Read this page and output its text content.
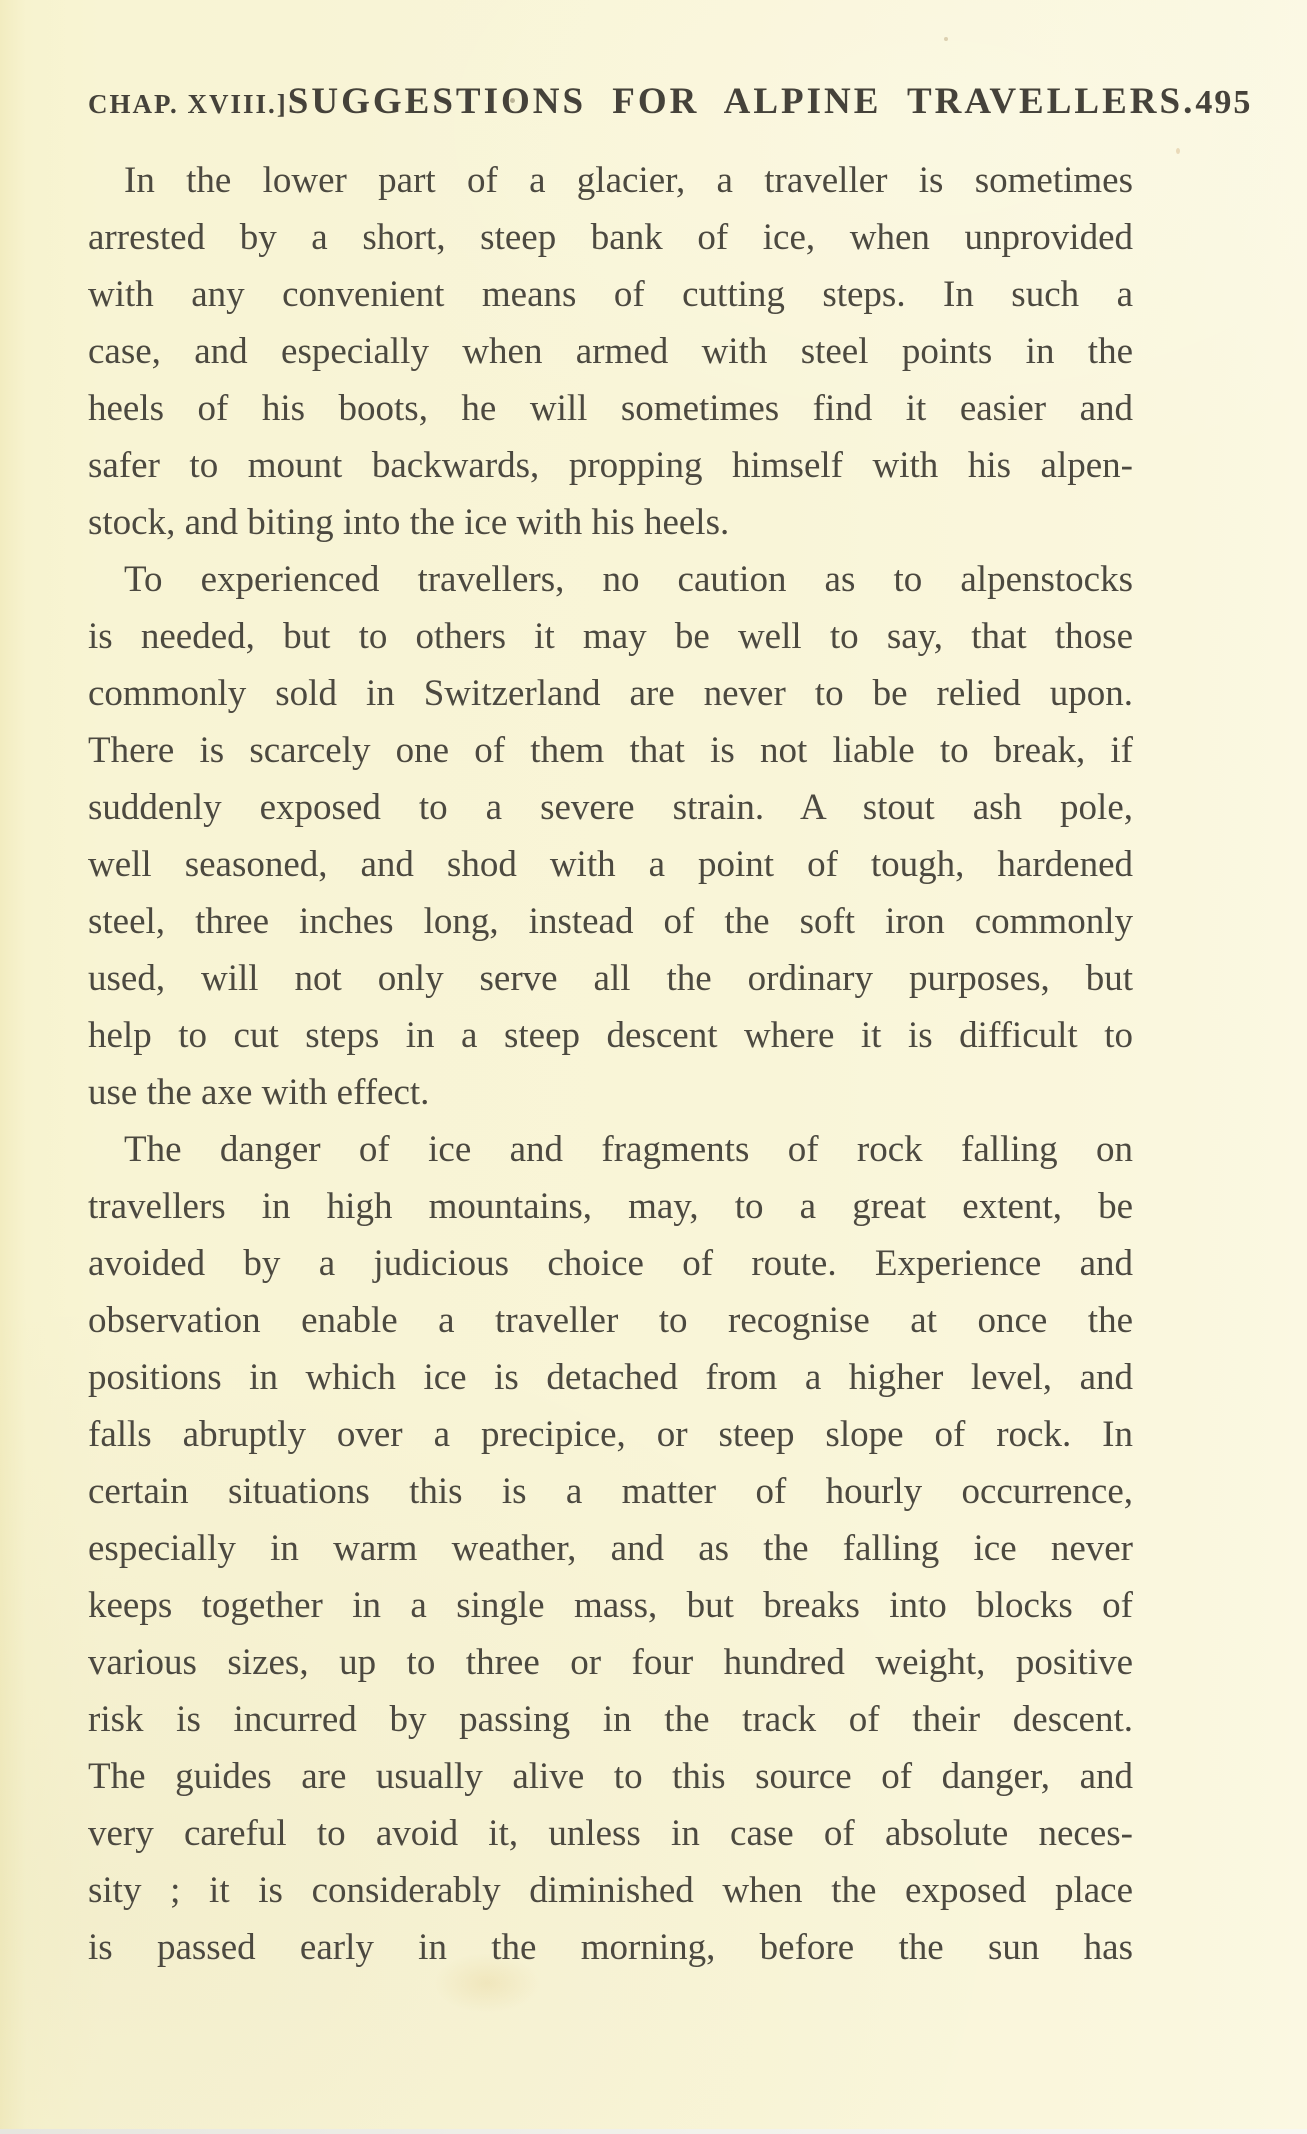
CHAP. XVIII.] SUGGESTIONS FOR ALPINE TRAVELLERS. 495
In the lower part of a glacier, a traveller is sometimes
arrested by a short, steep bank of ice, when unprovided
with any convenient means of cutting steps. In such a
case, and especially when armed with steel points in the
heels of his boots, he will sometimes find it easier and
safer to mount backwards, propping himself with his alpen-
stock, and biting into the ice with his heels.
To experienced travellers, no caution as to alpenstocks
is needed, but to others it may be well to say, that those
commonly sold in Switzerland are never to be relied upon.
There is scarcely one of them that is not liable to break, if
suddenly exposed to a severe strain. A stout ash pole,
well seasoned, and shod with a point of tough, hardened
steel, three inches long, instead of the soft iron commonly
used, will not only serve all the ordinary purposes, but
help to cut steps in a steep descent where it is difficult to
use the axe with effect.
The danger of ice and fragments of rock falling on
travellers in high mountains, may, to a great extent, be
avoided by a judicious choice of route. Experience and
observation enable a traveller to recognise at once the
positions in which ice is detached from a higher level, and
falls abruptly over a precipice, or steep slope of rock. In
certain situations this is a matter of hourly occurrence,
especially in warm weather, and as the falling ice never
keeps together in a single mass, but breaks into blocks of
various sizes, up to three or four hundred weight, positive
risk is incurred by passing in the track of their descent.
The guides are usually alive to this source of danger, and
very careful to avoid it, unless in case of absolute neces-
sity ; it is considerably diminished when the exposed place
is passed early in the morning, before the sun has
